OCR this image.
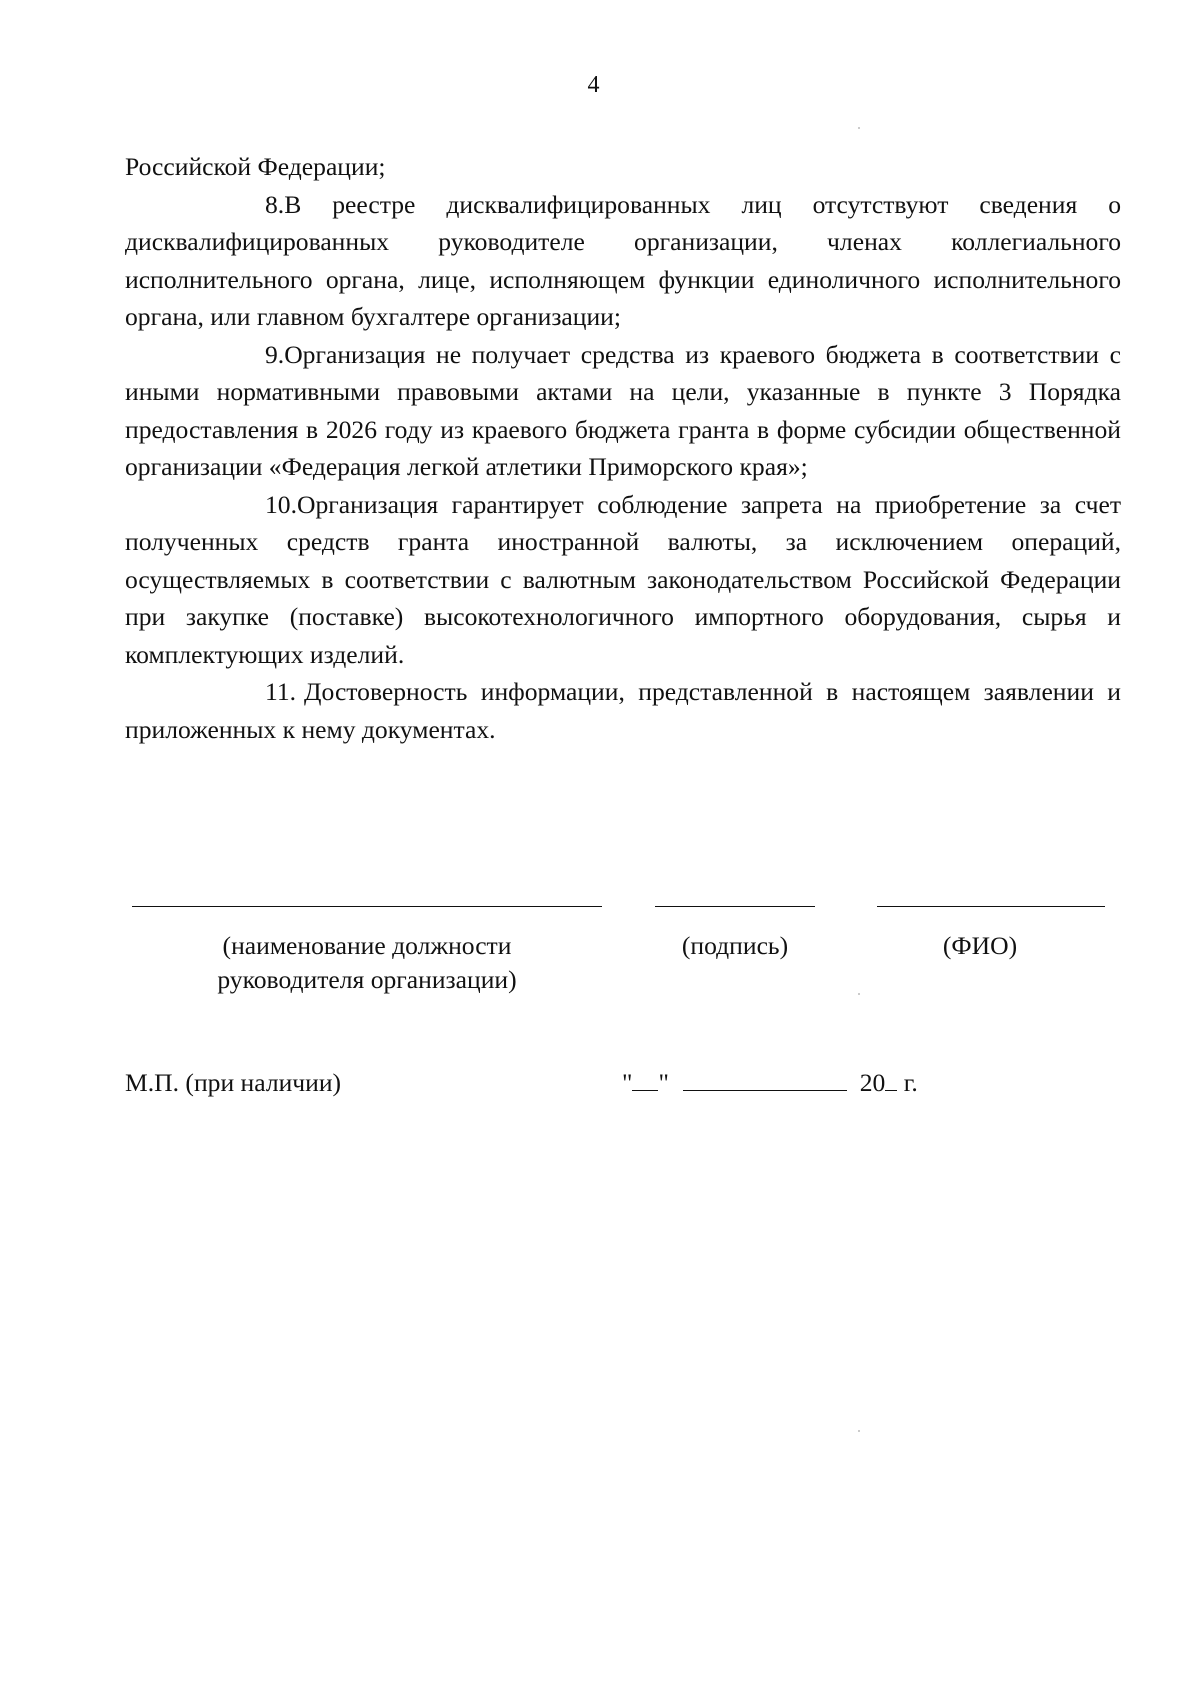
4

Российской Федерации;

8.В реестре дисквалифицированных лиц отсутствуют сведения о дисквалифицированных руководителе организации, членах коллегиального исполнительного органа, лице, исполняющем функции единоличного исполнительного органа, или главном бухгалтере организации;

9.Организация не получает средства из краевого бюджета в соответствии с иными нормативными правовыми актами на цели, указанные в пункте 3 Порядка предоставления в 2026 году из краевого бюджета гранта в форме субсидии общественной организации «Федерация легкой атлетики Приморского края»;

10.Организация гарантирует соблюдение запрета на приобретение за счет полученных средств гранта иностранной валюты, за исключением операций, осуществляемых в соответствии с валютным законодательством Российской Федерации при закупке (поставке) высокотехнологичного импортного оборудования, сырья и комплектующих изделий.

11. Достоверность информации, представленной в настоящем заявлении и приложенных к нему документах.

(наименование должности
руководителя организации)
(подпись)	(ФИО)
М.П. (при наличии)	" "	20 г.
